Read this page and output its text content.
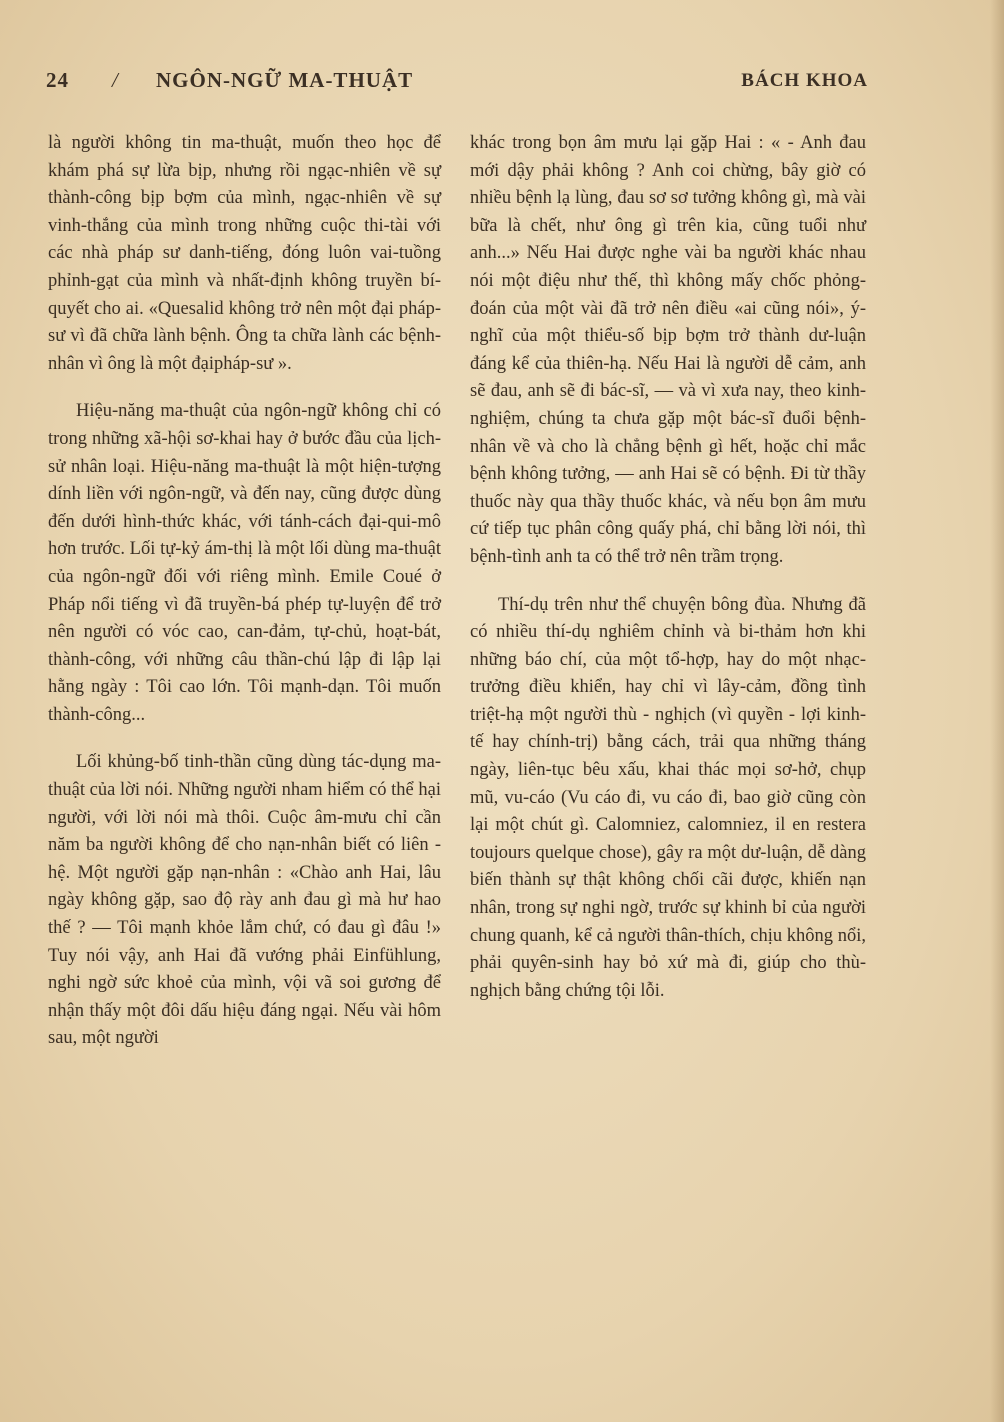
24 / NGÔN-NGỮ MA-THUẬT	BÁCH KHOA

là người không tin ma-thuật, muốn theo học để khám phá sự lừa bịp, nhưng rồi ngạc-nhiên về sự thành-công bịp bợm của mình, ngạc-nhiên về sự vinh-thắng của mình trong những cuộc thi-tài với các nhà pháp sư danh-tiếng, đóng luôn vai-tuồng phỉnh-gạt của mình và nhất-định không truyền bí-quyết cho ai. «Quesalid không trở nên một đại pháp-sư vì đã chữa lành bệnh. Ông ta chữa lành các bệnh-nhân vì ông là một đạipháp-sư ».

Hiệu-năng ma-thuật của ngôn-ngữ không chỉ có trong những xã-hội sơ-khai hay ở bước đầu của lịch-sử nhân loại. Hiệu-năng ma-thuật là một hiện-tượng dính liền với ngôn-ngữ, và đến nay, cũng được dùng đến dưới hình-thức khác, với tánh-cách đại-qui-mô hơn trước. Lối tự-kỷ ám-thị là một lối dùng ma-thuật của ngôn-ngữ đối với riêng mình. Emile Coué ở Pháp nổi tiếng vì đã truyền-bá phép tự-luyện để trở nên người có vóc cao, can-đảm, tự-chủ, hoạt-bát, thành-công, với những câu thần-chú lập đi lập lại hằng ngày : Tôi cao lớn. Tôi mạnh-dạn. Tôi muốn thành-công...

Lối khủng-bố tinh-thần cũng dùng tác-dụng ma-thuật của lời nói. Những người nham hiểm có thể hại người, với lời nói mà thôi. Cuộc âm-mưu chỉ cần năm ba người không để cho nạn-nhân biết có liên - hệ. Một người gặp nạn-nhân : «Chào anh Hai, lâu ngày không gặp, sao độ rày anh đau gì mà hư hao thế ? — Tôi mạnh khỏe lắm chứ, có đau gì đâu !» Tuy nói vậy, anh Hai đã vướng phải Einfühlung, nghi ngờ sức khoẻ của mình, vội vã soi gương để nhận thấy một đôi dấu hiệu đáng ngại. Nếu vài hôm sau, một người

khác trong bọn âm mưu lại gặp Hai : « - Anh đau mới dậy phải không ? Anh coi chừng, bây giờ có nhiều bệnh lạ lùng, đau sơ sơ tưởng không gì, mà vài bữa là chết, như ông gì trên kia, cũng tuổi như anh...» Nếu Hai được nghe vài ba người khác nhau nói một điệu như thế, thì không mấy chốc phỏng-đoán của một vài đã trở nên điều «ai cũng nói», ý-nghĩ của một thiểu-số bịp bợm trở thành dư-luận đáng kể của thiên-hạ. Nếu Hai là người dễ cảm, anh sẽ đau, anh sẽ đi bác-sĩ, — và vì xưa nay, theo kinh-nghiệm, chúng ta chưa gặp một bác-sĩ đuổi bệnh-nhân về và cho là chẳng bệnh gì hết, hoặc chỉ mắc bệnh không tưởng, — anh Hai sẽ có bệnh. Đi từ thầy thuốc này qua thầy thuốc khác, và nếu bọn âm mưu cứ tiếp tục phân công quấy phá, chỉ bằng lời nói, thì bệnh-tình anh ta có thể trở nên trầm trọng.

Thí-dụ trên như thể chuyện bông đùa. Nhưng đã có nhiều thí-dụ nghiêm chỉnh và bi-thảm hơn khi những báo chí, của một tổ-hợp, hay do một nhạc-trưởng điều khiển, hay chỉ vì lây-cảm, đồng tình triệt-hạ một người thù - nghịch (vì quyền - lợi kinh-tế hay chính-trị) bằng cách, trải qua những tháng ngày, liên-tục bêu xấu, khai thác mọi sơ-hở, chụp mũ, vu-cáo (Vu cáo đi, vu cáo đi, bao giờ cũng còn lại một chút gì. Calomniez, calomniez, il en restera toujours quelque chose), gây ra một dư-luận, dễ dàng biến thành sự thật không chối cãi được, khiến nạn nhân, trong sự nghi ngờ, trước sự khinh bỉ của người chung quanh, kể cả người thân-thích, chịu không nổi, phải quyên-sinh hay bỏ xứ mà đi, giúp cho thù-nghịch bằng chứng tội lỗi.
